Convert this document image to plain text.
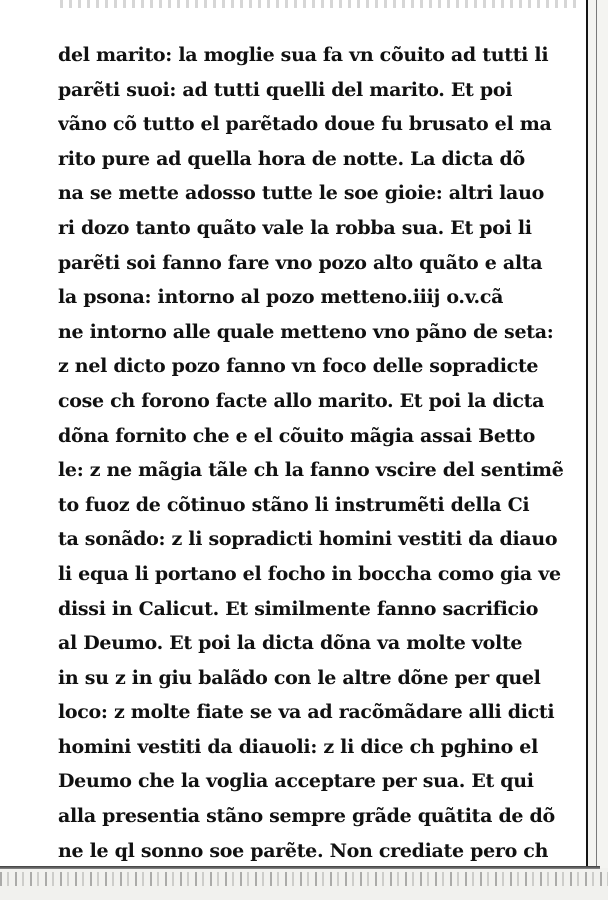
del marito: la moglie sua fa vn cõuito ad tutti li
parẽti suoi: ad tutti quelli del marito. Et poi
vãno cõ tutto el parẽtado doue fu brusato el ma
rito pure ad quella hora de notte. La dicta dõ
na se mette adosso tutte le soe gioie: altri lauo
ri dozo tanto quãto vale la robba sua. Et poi li
parẽti soi fanno fare vno pozo alto quãto e alta
la psona: intorno al pozo metteno.iiij o.v.cã
ne intorno alle quale metteno vno pãno de seta:
z nel dicto pozo fanno vn foco delle sopradicte
cose ch forono facte allo marito. Et poi la dicta
dõna fornito che e el cõuito mãgia assai Betto
le: z ne mãgia tãle ch la fanno vscire del sentimẽ
to fuoz de cõtinuo stãno li instrumẽti della Ci
ta sonãdo: z li sopradicti homini vestiti da diauo
li equa li portano el focho in boccha como gia ve
dissi in Calicut. Et similmente fanno sacrificio
al Deumo. Et poi la dicta dõna va molte volte
in su z in giu balãdo con le altre dõne per quel
loco: z molte fiate se va ad racõmãdare alli dicti
homini vestiti da diauoli: z li dice ch pghino el
Deumo che la voglia acceptare per sua. Et qui
alla presentia stãno sempre grãde quãtita de dõ
ne le ql sonno soe parẽte. Non crediate pero ch
